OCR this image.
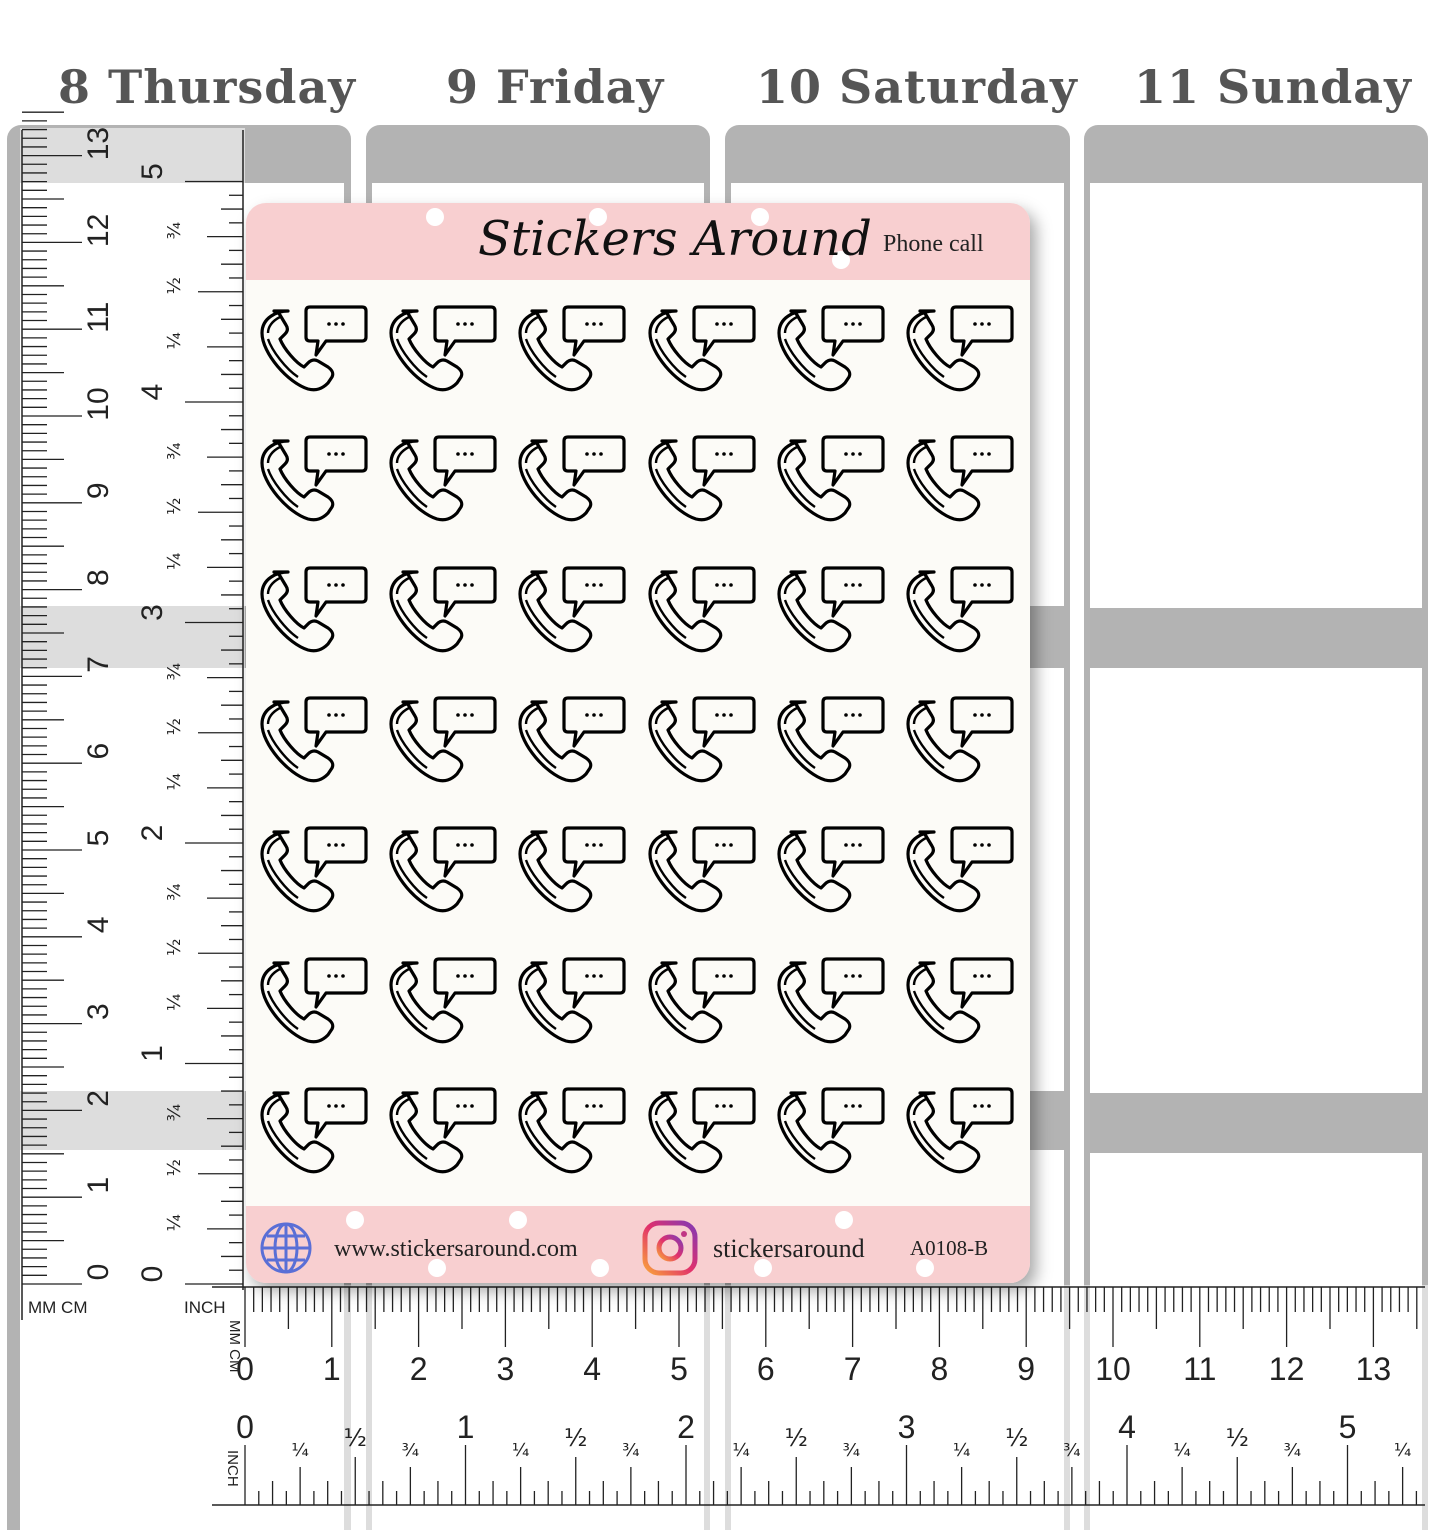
8 Thursday 9 Friday 10 Saturday 11 Sunday
0
1
2
3
4
5
6
7
8
9
10
11
12
13
0
¼
½
¾
1
¼
½
¾
2
¼
½
¾
3
¼
½
¾
4
¼
½
¾
5
MM CM	INCH
0 1 2 3 4 5 6 7 8 9 10 11 12 13
MM CM
0
¼ ½ ¾
1
¼ ½ ¾
2
¼ ½ ¾
3
¼ ½ ¾
4
¼ ½ ¾
5
¼
INCH
Stickers Around Phone call
www.stickersaround.com	stickersaround A0108-B
